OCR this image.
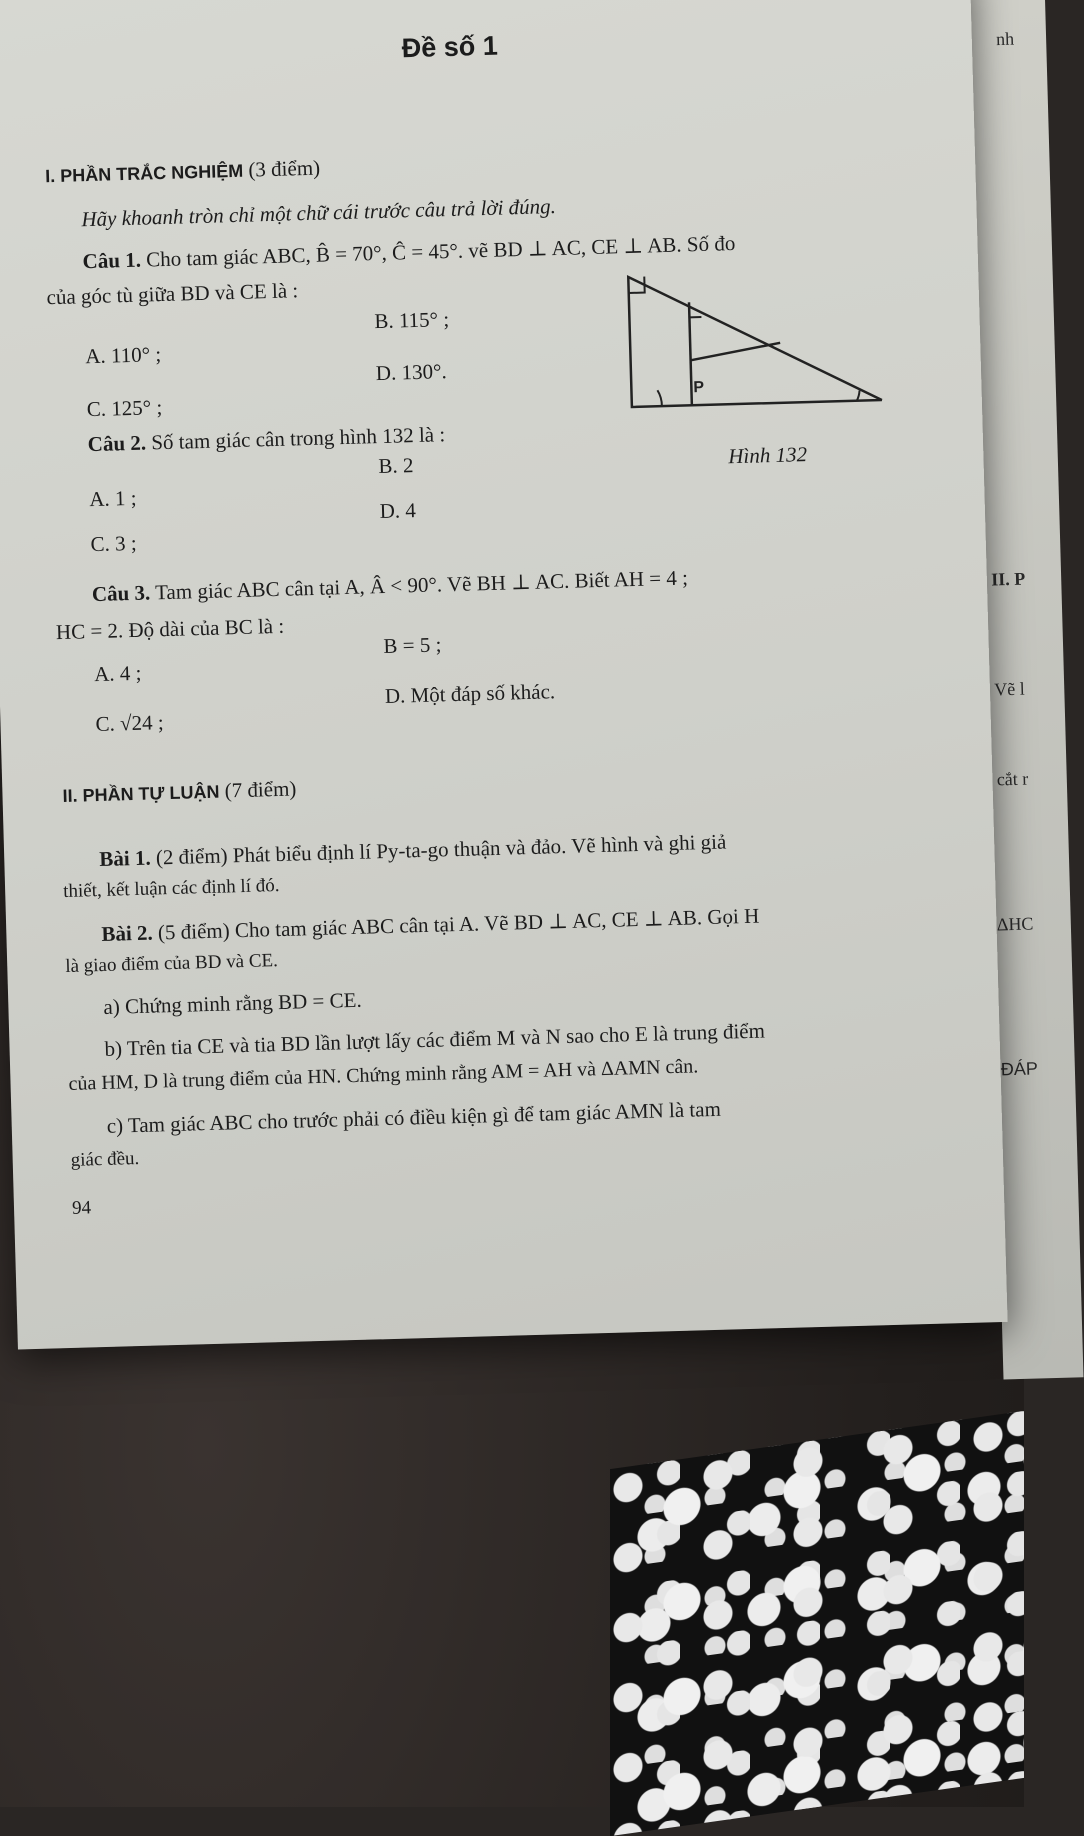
nh
II. P
Vẽ l
cắt r
ΔHC
ĐÁP
Đề số 1
I. PHẦN TRẮC NGHIỆM (3 điểm)
Hãy khoanh tròn chỉ một chữ cái trước câu trả lời đúng.
Câu 1. Cho tam giác ABC, B̂ = 70°, Ĉ = 45°. vẽ BD ⊥ AC, CE ⊥ AB. Số đo
của góc tù giữa BD và CE là :
A. 110° ;
B. 115° ;
C. 125° ;
D. 130°.
Câu 2. Số tam giác cân trong hình 132 là :
A. 1 ;
B. 2
C. 3 ;
D. 4
P
Hình 132
Câu 3. Tam giác ABC cân tại A, Â < 90°. Vẽ BH ⊥ AC. Biết AH = 4 ;
HC = 2. Độ dài của BC là :
A. 4 ;
B = 5 ;
C. √24 ;
D. Một đáp số khác.
II. PHẦN TỰ LUẬN (7 điểm)
Bài 1. (2 điểm) Phát biểu định lí Py-ta-go thuận và đảo. Vẽ hình và ghi giả
thiết, kết luận các định lí đó.
Bài 2. (5 điểm) Cho tam giác ABC cân tại A. Vẽ BD ⊥ AC, CE ⊥ AB. Gọi H
là giao điểm của BD và CE.
a) Chứng minh rằng BD = CE.
b) Trên tia CE và tia BD lần lượt lấy các điểm M và N sao cho E là trung điểm
của HM, D là trung điểm của HN. Chứng minh rằng AM = AH và ΔAMN cân.
c) Tam giác ABC cho trước phải có điều kiện gì để tam giác AMN là tam
giác đều.
94
